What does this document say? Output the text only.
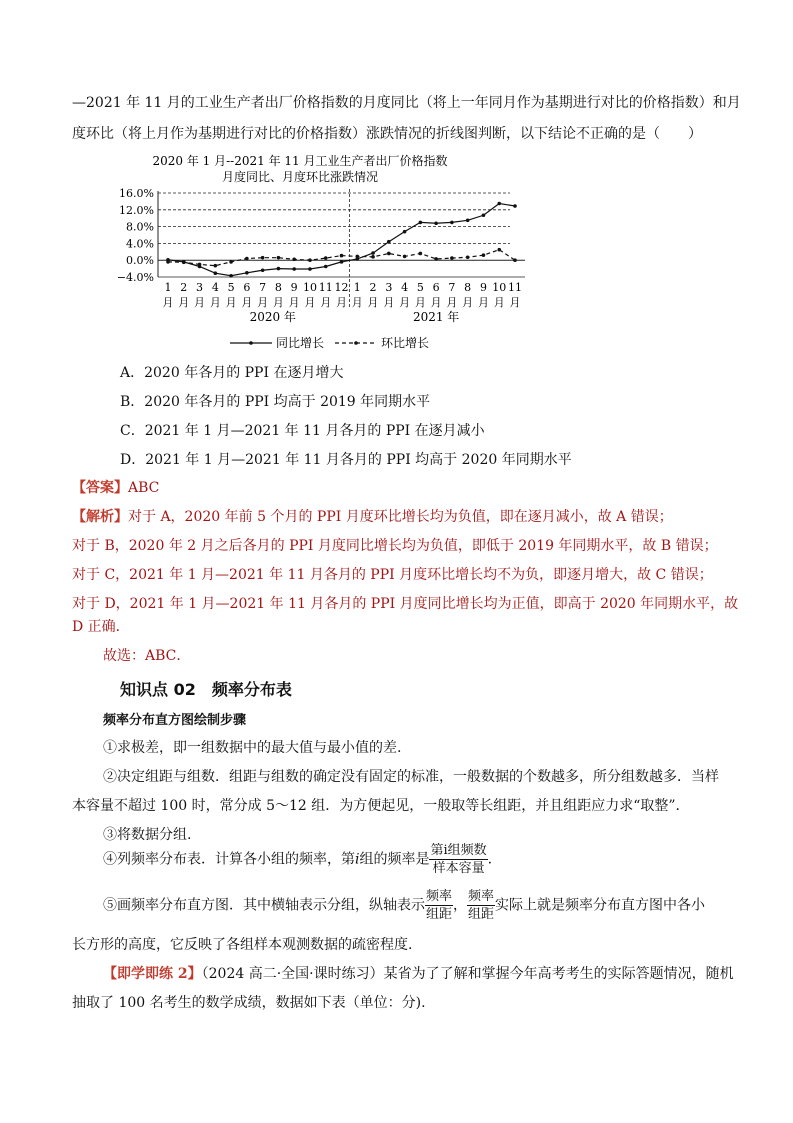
—2021 年 11 月的工业生产者出厂价格指数的月度同比（将上一年同月作为基期进行对比的价格指数）和月
度环比（将上月作为基期进行对比的价格指数）涨跌情况的折线图判断，以下结论不正确的是（　　）
2020 年 1 月--2021 年 11 月工业生产者出厂价格指数
月度同比、月度环比涨跌情况
16.0%
12.0%
8.0%
4.0%
0.0%
−4.0%
1
月
2
月
3
月
4
月
5
月
6
月
7
月
8
月
9
月
10
月
11
月
12
月
1
月
2
月
3
月
4
月
5
月
6
月
7
月
8
月
9
月
10
月
11
月
2020 年	2021 年
同比增长	环比增长
A．2020 年各月的 PPI 在逐月增大
B．2020 年各月的 PPI 均高于 2019 年同期水平
C．2021 年 1 月—2021 年 11 月各月的 PPI 在逐月减小
D．2021 年 1 月—2021 年 11 月各月的 PPI 均高于 2020 年同期水平
【答案】ABC
【解析】对于 A，2020 年前 5 个月的 PPI 月度环比增长均为负值，即在逐月减小，故 A 错误；
对于 B，2020 年 2 月之后各月的 PPI 月度同比增长均为负值，即低于 2019 年同期水平，故 B 错误；
对于 C，2021 年 1 月—2021 年 11 月各月的 PPI 月度环比增长均不为负，即逐月增大，故 C 错误；
对于 D，2021 年 1 月—2021 年 11 月各月的 PPI 月度同比增长均为正值，即高于 2020 年同期水平，故
D 正确．
故选：ABC．
知识点 02　频率分布表
频率分布直方图绘制步骤
①求极差，即一组数据中的最大值与最小值的差.
②决定组距与组数．组距与组数的确定没有固定的标准，一般数据的个数越多，所分组数越多．当样
本容量不超过 100 时，常分成 5～12 组．为方便起见，一般取等长组距，并且组距应力求“取整”．
③将数据分组.
④列频率分布表．计算各小组的频率，第i组的频率是 $\frac{\text{第i组频数}}{\text{样本容量}}$ .
⑤画频率分布直方图．其中横轴表示分组，纵轴表示 $\frac{\text{频率}}{\text{组距}}$ ， $\frac{\text{频率}}{\text{组距}}$ 实际上就是频率分布直方图中各小
长方形的高度，它反映了各组样本观测数据的疏密程度.
【即学即练 2】（2024 高二·全国·课时练习）某省为了了解和掌握今年高考考生的实际答题情况，随机
抽取了 100 名考生的数学成绩，数据如下表（单位：分).
